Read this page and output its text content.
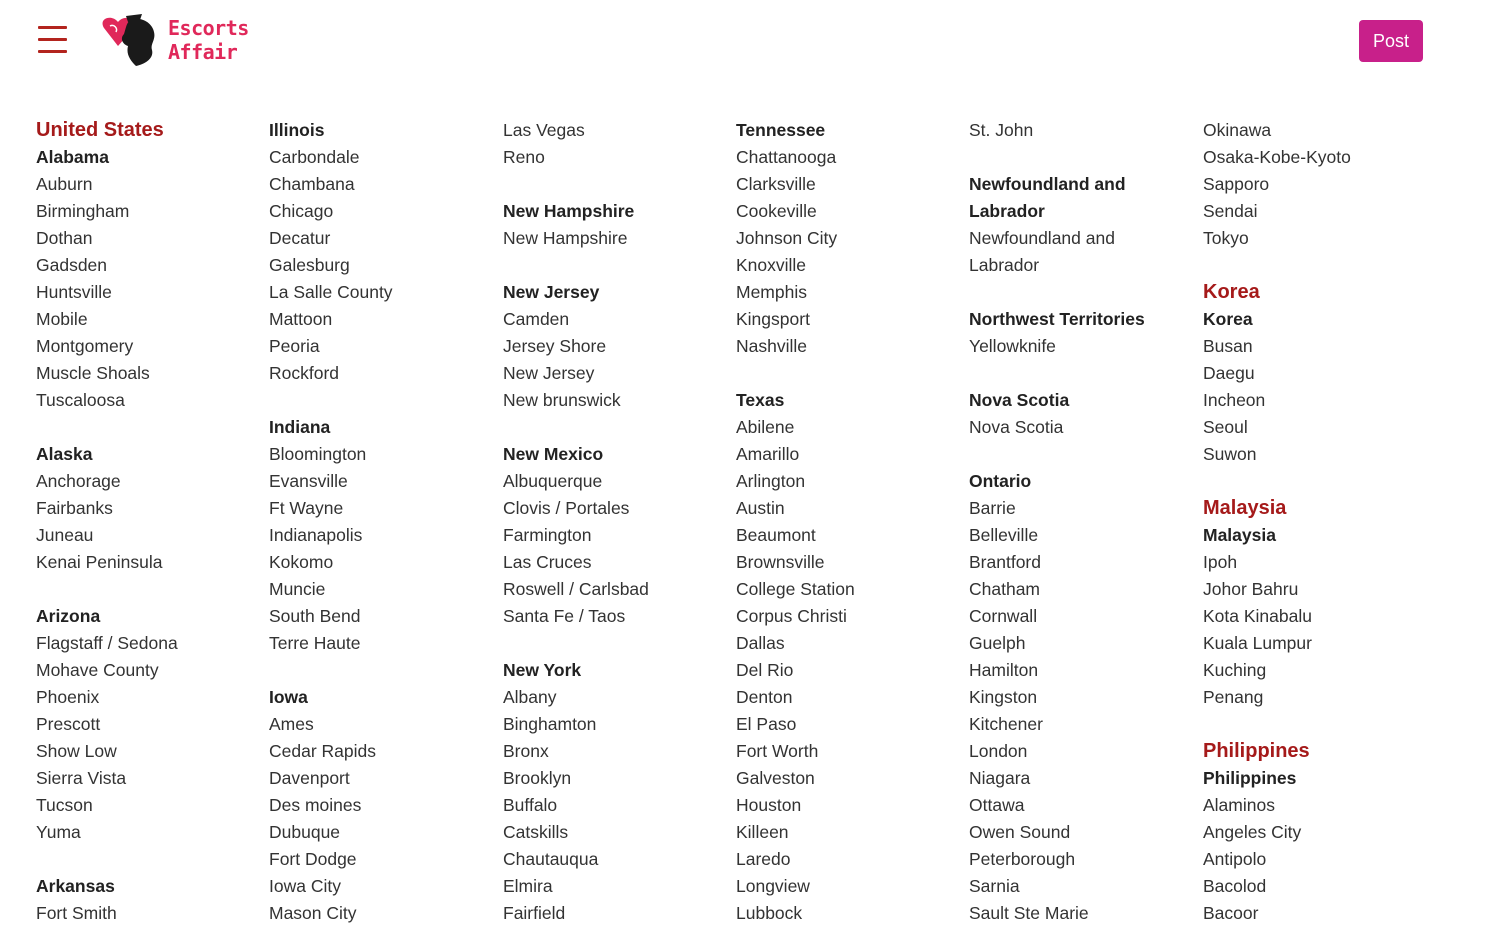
Escorts Affair	Post
United States
Alabama
Auburn
Birmingham
Dothan
Gadsden
Huntsville
Mobile
Montgomery
Muscle Shoals
Tuscaloosa
Alaska
Anchorage
Fairbanks
Juneau
Kenai Peninsula
Arizona
Flagstaff / Sedona
Mohave County
Phoenix
Prescott
Show Low
Sierra Vista
Tucson
Yuma
Arkansas
Fort Smith
Illinois
Carbondale
Chambana
Chicago
Decatur
Galesburg
La Salle County
Mattoon
Peoria
Rockford
Indiana
Bloomington
Evansville
Ft Wayne
Indianapolis
Kokomo
Muncie
South Bend
Terre Haute
Iowa
Ames
Cedar Rapids
Davenport
Des moines
Dubuque
Fort Dodge
Iowa City
Mason City
Las Vegas
Reno
New Hampshire
New Hampshire
New Jersey
Camden
Jersey Shore
New Jersey
New brunswick
New Mexico
Albuquerque
Clovis / Portales
Farmington
Las Cruces
Roswell / Carlsbad
Santa Fe / Taos
New York
Albany
Binghamton
Bronx
Brooklyn
Buffalo
Catskills
Chautauqua
Elmira
Fairfield
Tennessee
Chattanooga
Clarksville
Cookeville
Johnson City
Knoxville
Memphis
Kingsport
Nashville
Texas
Abilene
Amarillo
Arlington
Austin
Beaumont
Brownsville
College Station
Corpus Christi
Dallas
Del Rio
Denton
El Paso
Fort Worth
Galveston
Houston
Killeen
Laredo
Longview
Lubbock
St. John
Newfoundland and
Labrador
Newfoundland and
Labrador
Northwest Territories
Yellowknife
Nova Scotia
Nova Scotia
Ontario
Barrie
Belleville
Brantford
Chatham
Cornwall
Guelph
Hamilton
Kingston
Kitchener
London
Niagara
Ottawa
Owen Sound
Peterborough
Sarnia
Sault Ste Marie
Okinawa
Osaka-Kobe-Kyoto
Sapporo
Sendai
Tokyo
Korea
Korea
Busan
Daegu
Incheon
Seoul
Suwon
Malaysia
Malaysia
Ipoh
Johor Bahru
Kota Kinabalu
Kuala Lumpur
Kuching
Penang
Philippines
Philippines
Alaminos
Angeles City
Antipolo
Bacolod
Bacoor
